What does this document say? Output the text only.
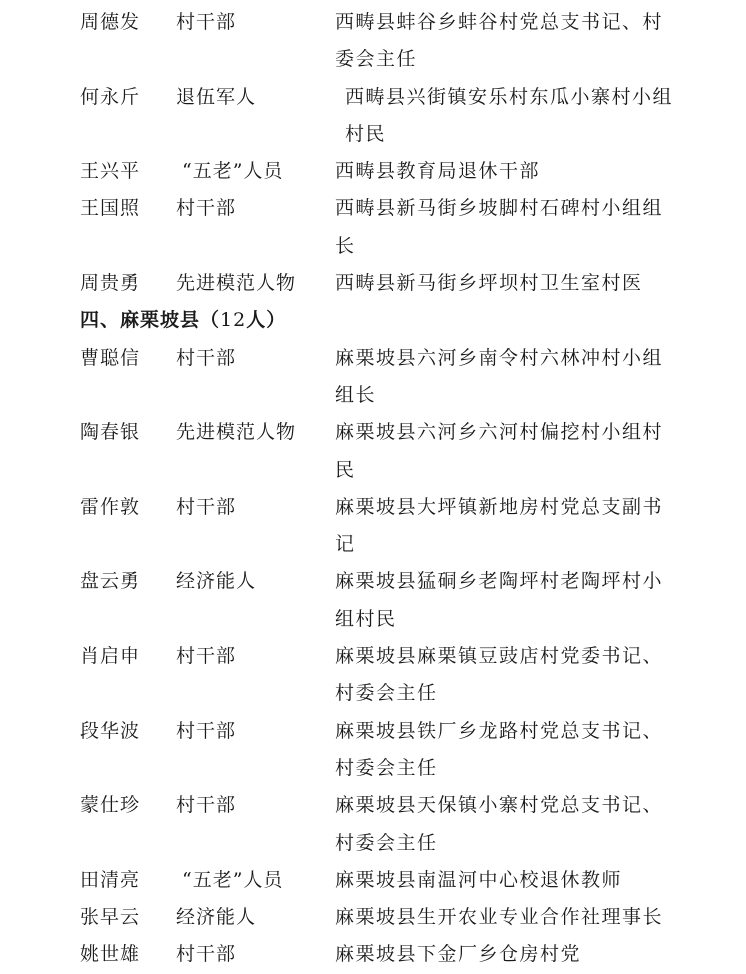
周德发 村干部	西畴县蚌谷乡蚌谷村党总支书记、村委会主任
何永斤 退伍军人	西畴县兴街镇安乐村东瓜小寨村小组村民
王兴平 “五老”人员	西畴县教育局退休干部
王国照 村干部	西畴县新马街乡坡脚村石碑村小组组长
周贵勇 先进模范人物 西畴县新马街乡坪坝村卫生室村医
四、麻栗坡县（12人）
曹聪信 村干部	麻栗坡县六河乡南令村六林冲村小组组长
陶春银 先进模范人物 麻栗坡县六河乡六河村偏挖村小组村民
雷作敦 村干部	麻栗坡县大坪镇新地房村党总支副书记
盘云勇 经济能人	麻栗坡县猛硐乡老陶坪村老陶坪村小组村民
肖启申 村干部	麻栗坡县麻栗镇豆豉店村党委书记、村委会主任
段华波 村干部	麻栗坡县铁厂乡龙路村党总支书记、村委会主任
蒙仕珍 村干部	麻栗坡县天保镇小寨村党总支书记、村委会主任
田清亮 “五老”人员	麻栗坡县南温河中心校退休教师
张早云 经济能人	麻栗坡县生开农业专业合作社理事长
姚世雄 村干部	麻栗坡县下金厂乡仓房村党
